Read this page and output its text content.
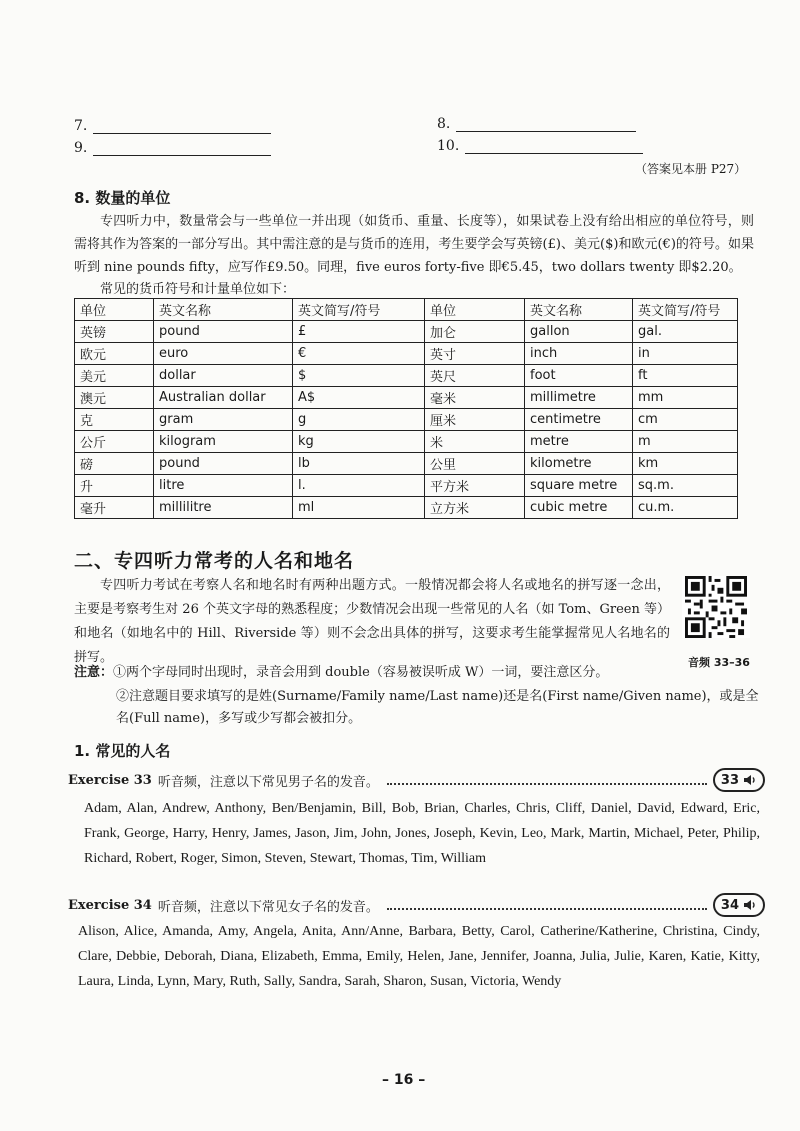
7.	8.
9.	10.
（答案见本册 P27）
8. 数量的单位
专四听力中，数量常会与一些单位一并出现（如货币、重量、长度等），如果试卷上没有给出相应的单位符号，则需将其作为答案的一部分写出。其中需注意的是与货币的连用，考生要学会写英镑(£)、美元($)和欧元(€)的符号。如果听到 nine pounds fifty，应写作£9.50。同理，five euros forty-five 即€5.45，two dollars twenty 即$2.20。
常见的货币符号和计量单位如下：
单位	英文名称	英文简写/符号	单位	英文名称	英文简写/符号
英镑	pound	£	加仑	gallon	gal.
欧元	euro	€	英寸	inch	in
美元	dollar	$	英尺	foot	ft
澳元	Australian dollar	A$	毫米	millimetre	mm
克	gram	g	厘米	centimetre	cm
公斤	kilogram	kg	米	metre	m
磅	pound	lb	公里	kilometre	km
升	litre	l.	平方米	square metre	sq.m.
毫升	millilitre	ml	立方米	cubic metre	cu.m.
二、专四听力常考的人名和地名
专四听力考试在考察人名和地名时有两种出题方式。一般情况都会将人名或地名的拼写逐一念出，主要是考察考生对 26 个英文字母的熟悉程度；少数情况会出现一些常见的人名（如 Tom、Green 等）和地名（如地名中的 Hill、Riverside 等）则不会念出具体的拼写，这要求考生能掌握常见人名地名的拼写。	音频 33–36
注意：①两个字母同时出现时，录音会用到 double（容易被误听成 W）一词，要注意区分。
②注意题目要求填写的是姓(Surname/Family name/Last name)还是名(First name/Given name)，或是全
名(Full name)，多写或少写都会被扣分。
1. 常见的人名
Exercise 33 听音频，注意以下常见男子名的发音。	33
Adam, Alan, Andrew, Anthony, Ben/Benjamin, Bill, Bob, Brian, Charles, Chris, Cliff, Daniel, David, Edward, Eric, Frank, George, Harry, Henry, James, Jason, Jim, John, Jones, Joseph, Kevin, Leo, Mark, Martin, Michael, Peter, Philip, Richard, Robert, Roger, Simon, Steven, Stewart, Thomas, Tim, William
Exercise 34 听音频，注意以下常见女子名的发音。	34
Alison, Alice, Amanda, Amy, Angela, Anita, Ann/Anne, Barbara, Betty, Carol, Catherine/Katherine, Christina, Cindy, Clare, Debbie, Deborah, Diana, Elizabeth, Emma, Emily, Helen, Jane, Jennifer, Joanna, Julia, Julie, Karen, Katie, Kitty, Laura, Linda, Lynn, Mary, Ruth, Sally, Sandra, Sarah, Sharon, Susan, Victoria, Wendy
– 16 –
